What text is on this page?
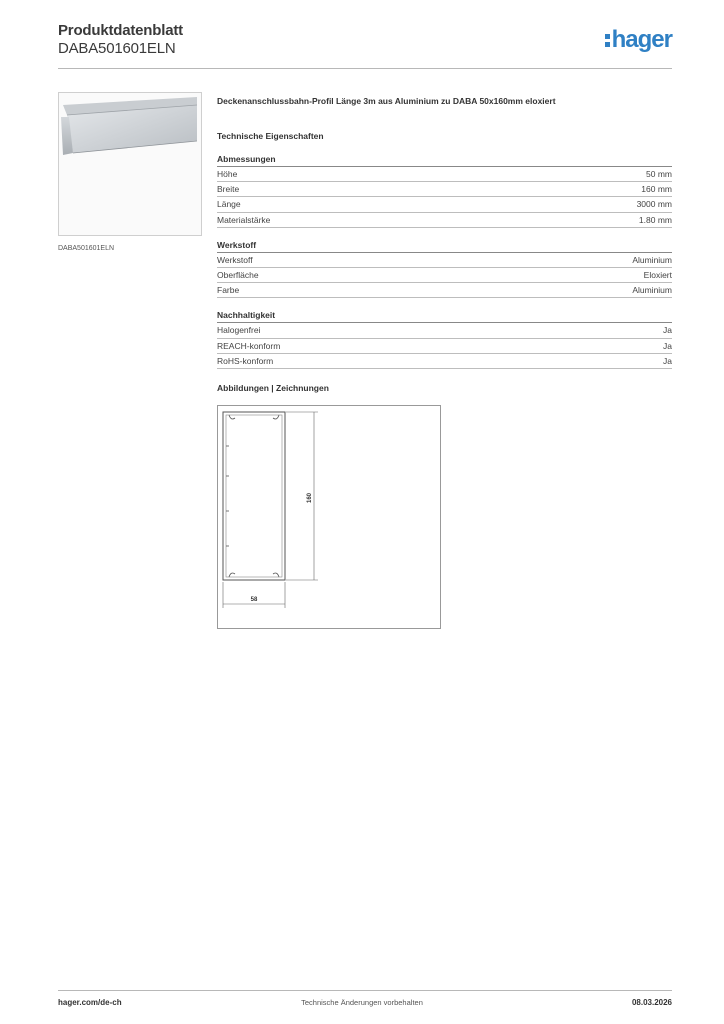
Produktdatenblatt
DABA501601ELN	hager
DABA501601ELN
Deckenanschlussbahn-Profil Länge 3m aus Aluminium zu DABA 50x160mm eloxiert
Technische Eigenschaften
Abmessungen
Höhe	50 mm
Breite	160 mm
Länge	3000 mm
Materialstärke	1.80 mm
Werkstoff
Werkstoff	Aluminium
Oberfläche	Eloxiert
Farbe	Aluminium
Nachhaltigkeit
Halogenfrei	Ja
REACH-konform	Ja
RoHS-konform	Ja
Abbildungen | Zeichnungen
160
58
hager.com/de-ch	Technische Änderungen vorbehalten	08.03.2026
